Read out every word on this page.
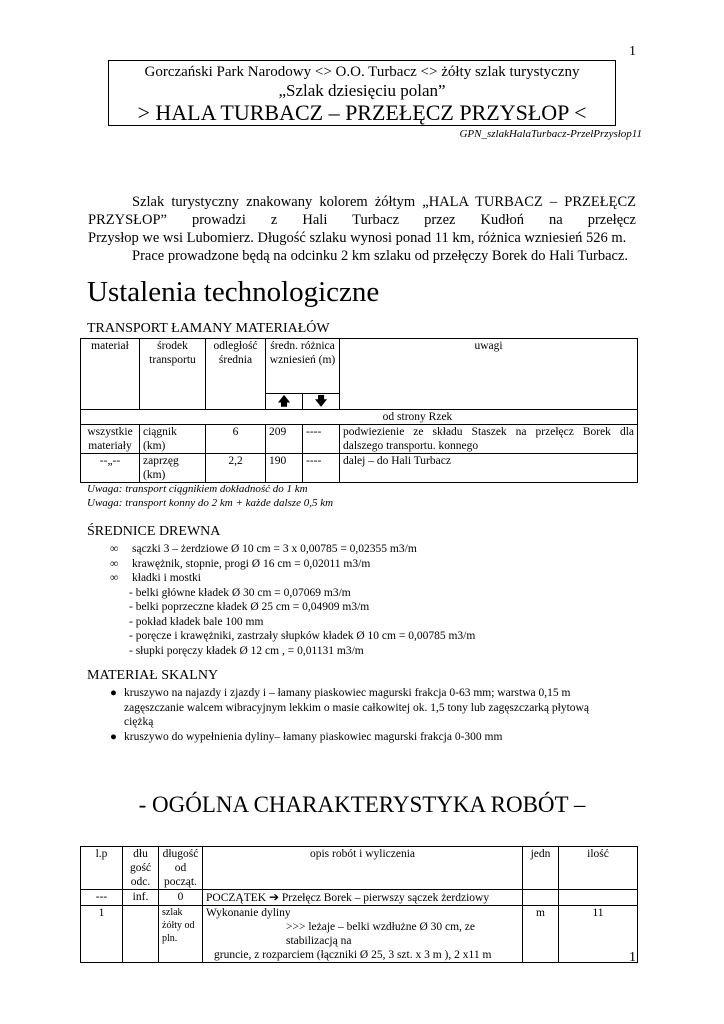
1
1
Gorczański Park Narodowy <> O.O. Turbacz <> żółty szlak turystyczny
„Szlak dziesięciu polan”
> HALA TURBACZ – PRZEŁĘCZ PRZYSŁOP <
GPN_szlakHalaTurbacz-PrzełPrzysłop11
Szlak turystyczny znakowany kolorem żółtym „HALA TURBACZ – PRZEŁĘCZ
PRZYSŁOP” prowadzi z Hali Turbacz przez Kudłoń na przełęcz
Przysłop we wsi Lubomierz. Długość szlaku wynosi ponad 11 km, różnica wzniesień 526 m.
Prace prowadzone będą na odcinku 2 km szlaku od przełęczy Borek do Hali Turbacz.
Ustalenia technologiczne
TRANSPORT ŁAMANY MATERIAŁÓW
materiał	środek transportu	odległość średnia	średn. różnica wzniesień (m)		uwagi
			🡅	🡇	
od strony Rzek					
wszystkie materiały	ciągnik (km)	6	209	----	podwiezienie ze składu Staszek na przełęcz Borek dla dalszego transportu. konnego
--„--	zaprzęg (km)	2,2	190	----	dalej – do Hali Turbacz
Uwaga: transport ciągnikiem dokładność do 1 km
Uwaga: transport konny do 2 km + każde dalsze 0,5 km
ŚREDNICE DREWNA
∞	sączki 3 – żerdziowe Ø 10 cm = 3 x 0,00785 = 0,02355 m3/m
∞	krawężnik, stopnie, progi Ø 16 cm = 0,02011 m3/m
∞	kładki i mostki
- belki główne kładek Ø 30 cm = 0,07069 m3/m
- belki poprzeczne kładek Ø 25 cm = 0,04909 m3/m
- pokład kładek bale 100 mm
- poręcze i krawężniki, zastrzały słupków kładek Ø 10 cm = 0,00785 m3/m
- słupki poręczy kładek Ø 12 cm , = 0,01131 m3/m
MATERIAŁ SKALNY
● kruszywo na najazdy i zjazdy i – łamany piaskowiec magurski frakcja 0-63 mm; warstwa 0,15 m
zagęszczanie walcem wibracyjnym lekkim o masie całkowitej ok. 1,5 tony lub zagęszczarką płytową
ciężką
● kruszywo do wypełnienia dyliny– łamany piaskowiec magurski frakcja 0-300 mm
- OGÓLNA CHARAKTERYSTYKA ROBÓT –
l.p	dłu gość odc.	długość od począt.	opis robót i wyliczenia	jedn	ilość
---	inf.	0	POCZĄTEK ➔ Przełęcz Borek – pierwszy sączek żerdziowy		
1		szlak żółty od pln.	Wykonanie dyliny
>>> leżaje – belki wzdłużne Ø 30 cm, ze stabilizacją na
gruncie, z rozparciem (łączniki Ø 25, 3 szt. x 3 m ), 2 x11 m	m	11
